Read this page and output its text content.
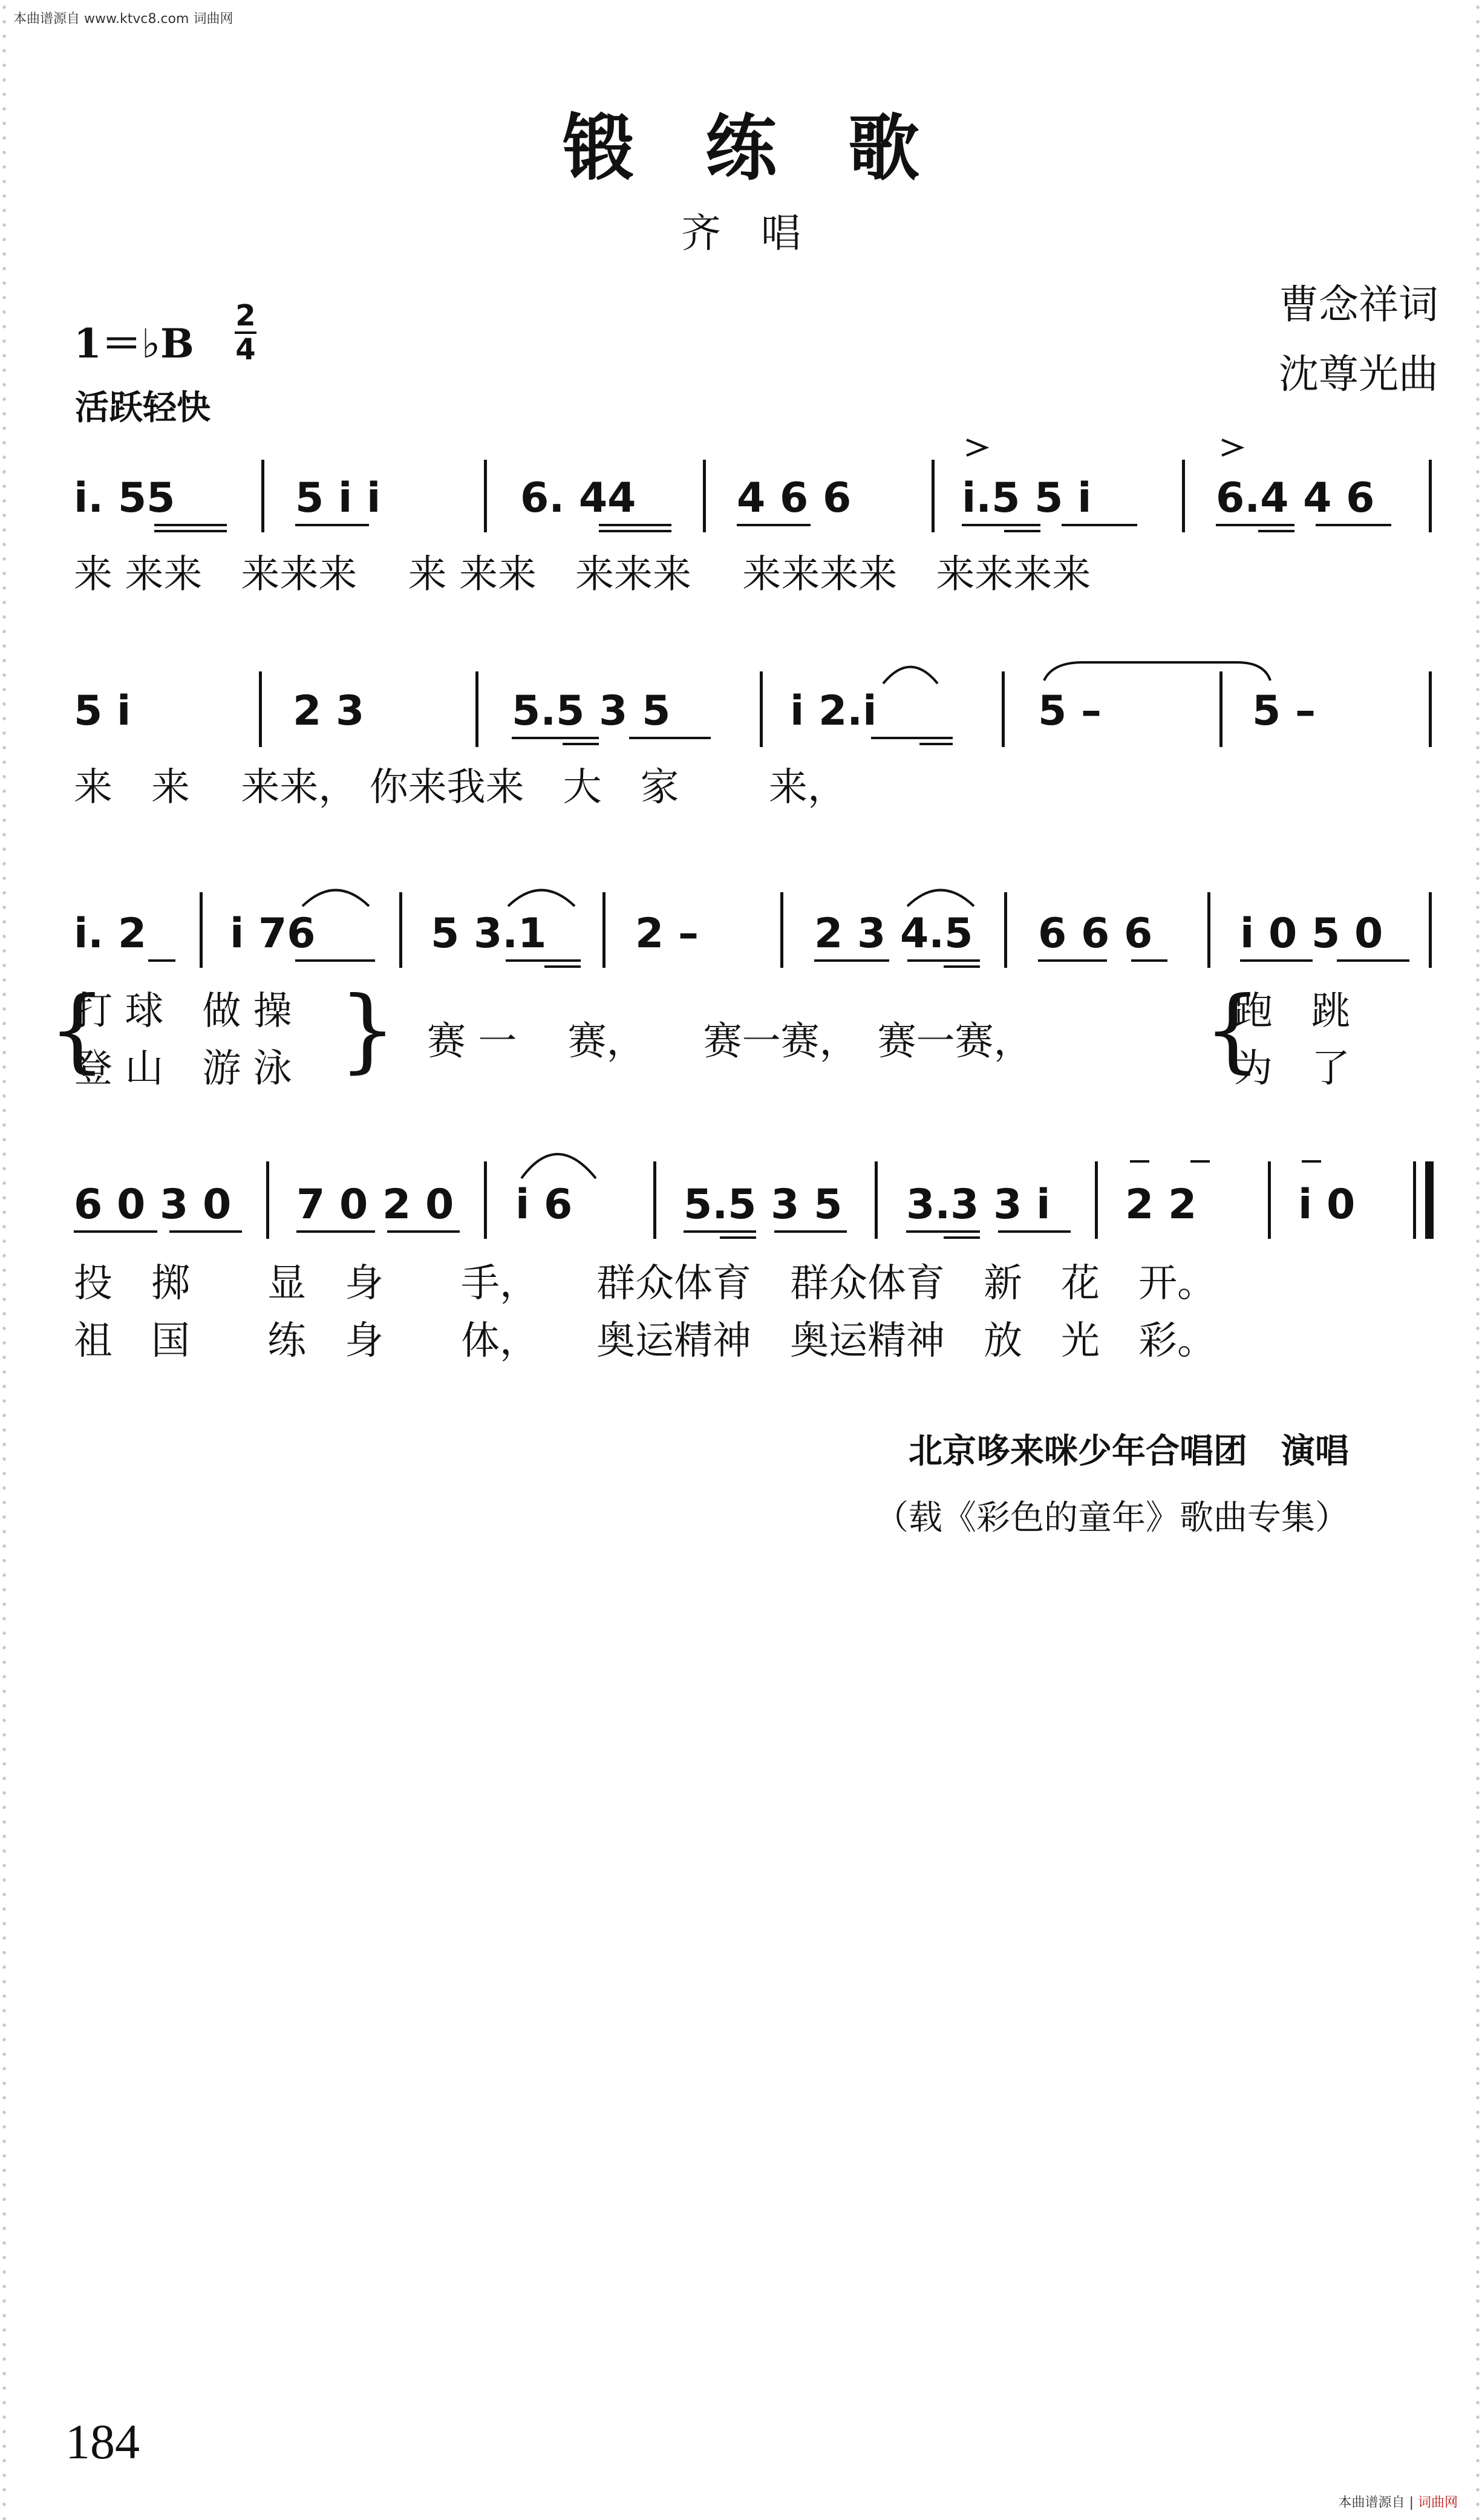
本曲谱源自 www.ktvc8.com 词曲网
锻　练　歌
齐　唱
曹念祥词
沈尊光曲
1＝♭B
2
4
活跃轻快
i. 55	5 i i	6. 44 4 6 6	i.5 5 i	6.4 4 6
来 来来　来来来　 来 来来　来来来　 来来来来　来来来来
5 i	2 3	5.5 3 5	i 2.i	5 –	5 –
来　来　 来来， 你来我来　大　家　　 来，
i. 2 i 76	5 3.1 2 –	2 3 4.5 6 6 6 i 0 5 0
{	}	{
打 球　做 操
登 山　游 泳
赛 一　 赛，　　赛一赛，　赛一赛，
跑　跳
为　了
6 0 3 0 7 0 2 0 i 6	5.5 3 5 3.3 3 i 2 2 i 0
投　掷　　显　身　　手，　　群众体育　群众体育　新　花　开。
祖　国　　练　身　　体，　　奥运精神　奥运精神　放　光　彩。
北京哆来咪少年合唱团　演唱
（载《彩色的童年》歌曲专集）
184
本曲谱源自 | 词曲网
